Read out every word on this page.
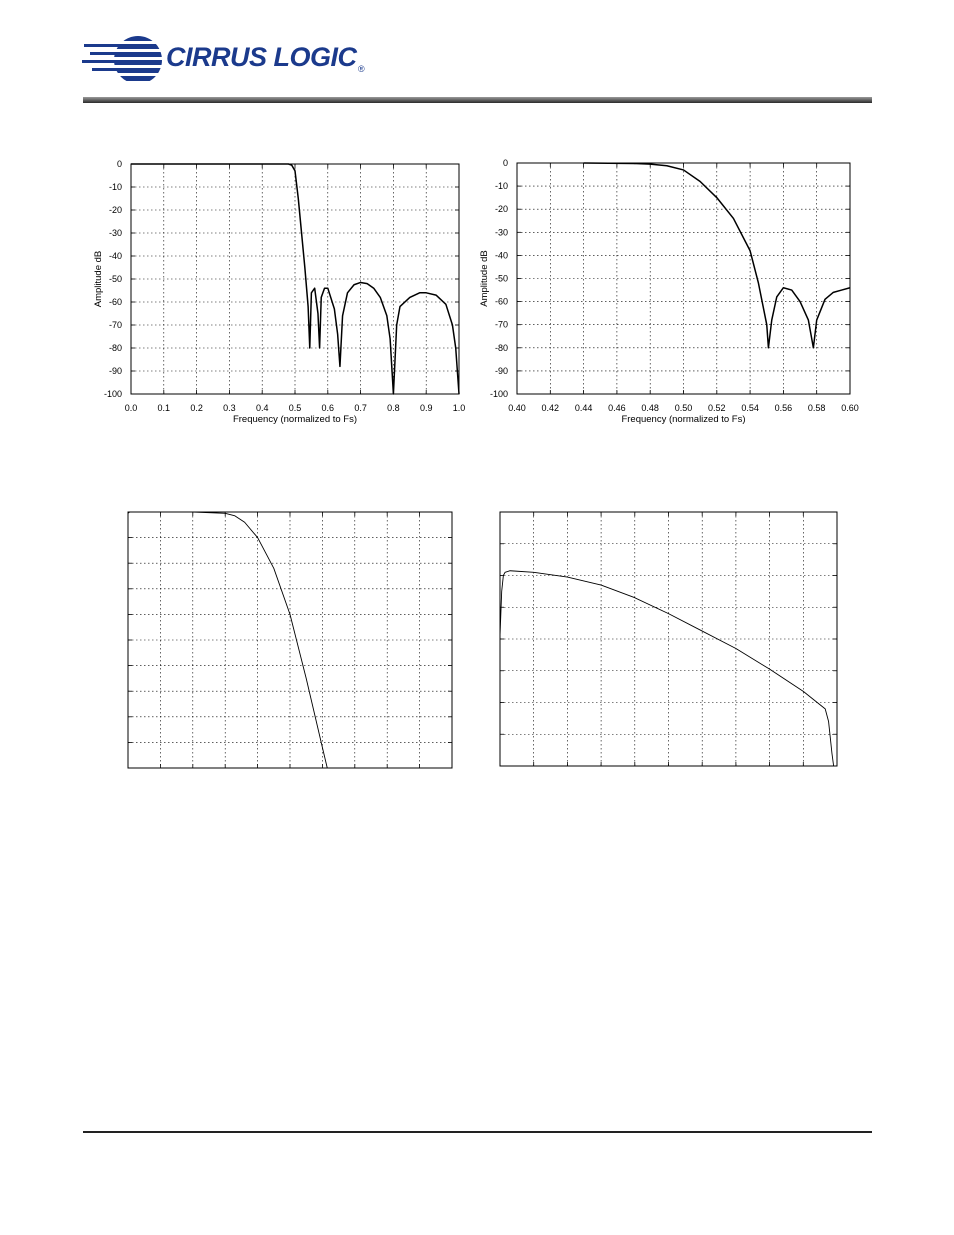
CIRRUS LOGIC ®
0.0 0.1 0.2 0.3 0.4 0.5 0.6 0.7 0.8 0.9 1.0
0
-10
-20
-30
-40
-50
-60
-70
-80
-90
-100
Frequency (normalized to Fs)
Amplitude dB
0.40 0.42 0.44 0.46 0.48 0.50 0.52 0.54 0.56 0.58 0.60
0
-10
-20
-30
-40
-50
-60
-70
-80
-90
-100
Frequency (normalized to Fs)
Amplitude dB
